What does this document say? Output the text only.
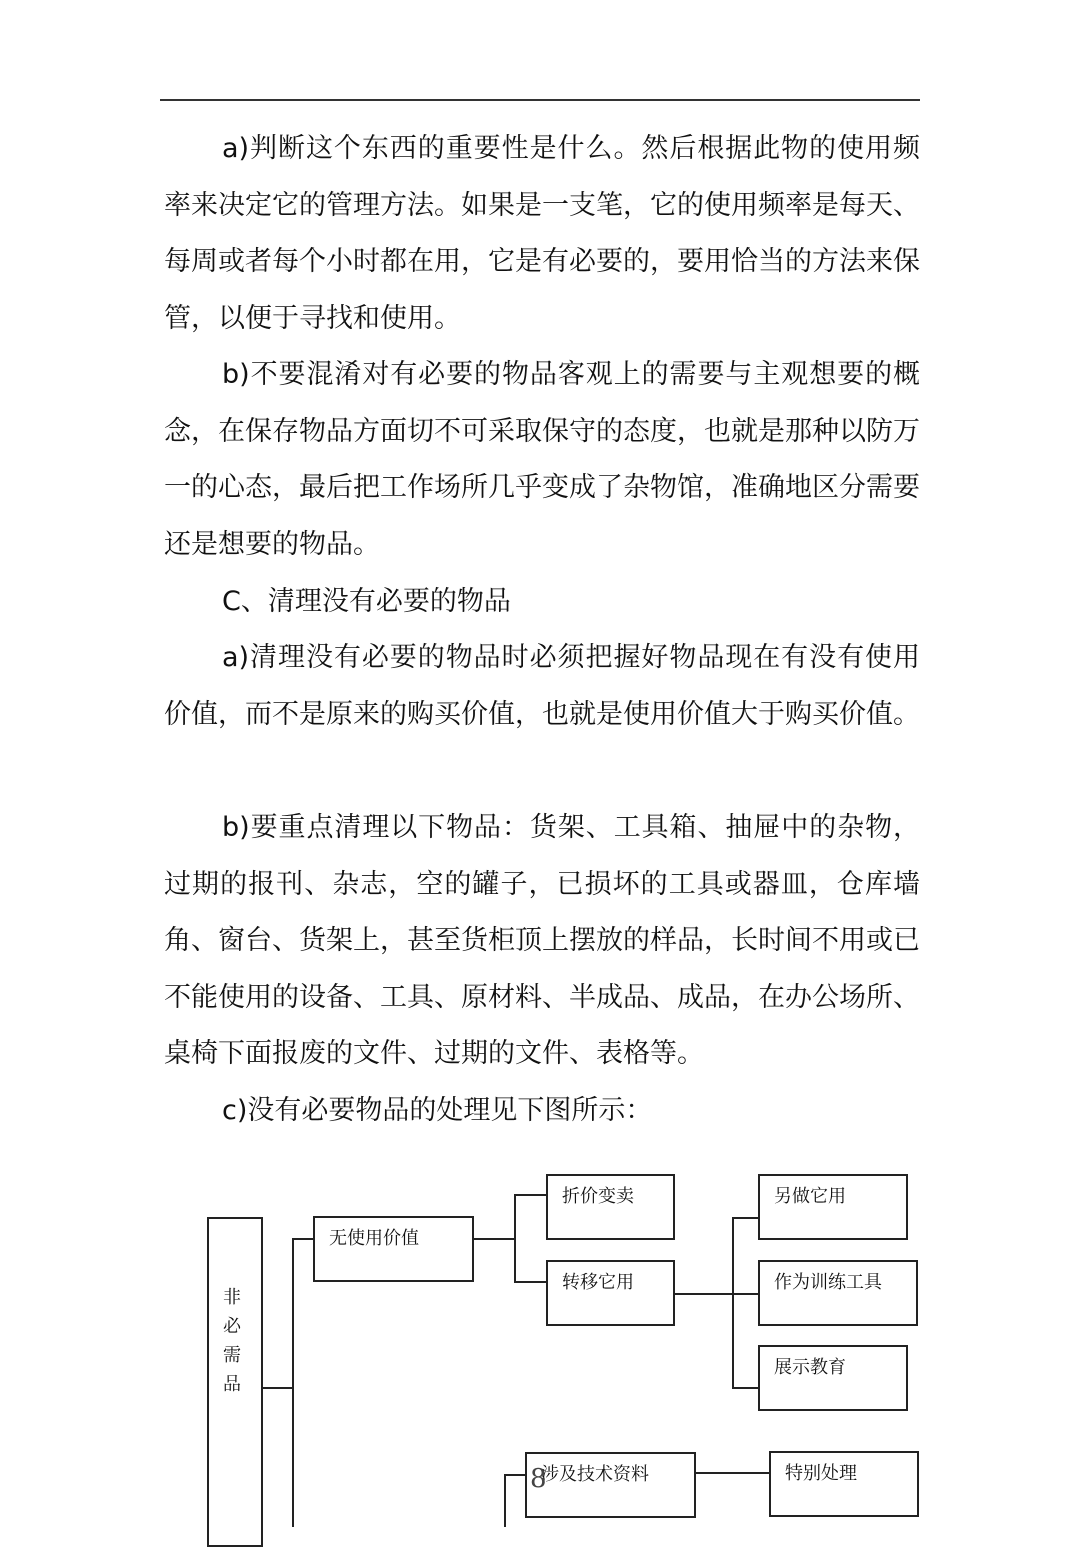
a)判断这个东西的重要性是什么。然后根据此物的使用频率来决定它的管理方法。如果是一支笔，它的使用频率是每天、每周或者每个小时都在用，它是有必要的，要用恰当的方法来保管，以便于寻找和使用。

b)不要混淆对有必要的物品客观上的需要与主观想要的概念，在保存物品方面切不可采取保守的态度，也就是那种以防万一的心态，最后把工作场所几乎变成了杂物馆，准确地区分需要还是想要的物品。

C、清理没有必要的物品

a)清理没有必要的物品时必须把握好物品现在有没有使用价值，而不是原来的购买价值，也就是使用价值大于购买价值。

b)要重点清理以下物品：货架、工具箱、抽屉中的杂物，过期的报刊、杂志，空的罐子，已损坏的工具或器皿，仓库墙角、窗台、货架上，甚至货柜顶上摆放的样品，长时间不用或已不能使用的设备、工具、原材料、半成品、成品，在办公场所、桌椅下面报废的文件、过期的文件、表格等。

c)没有必要物品的处理见下图所示：

非必需品
无使用价值
折价变卖
转移它用
另做它用
作为训练工具
展示教育
涉及技术资料	特别处理
8
